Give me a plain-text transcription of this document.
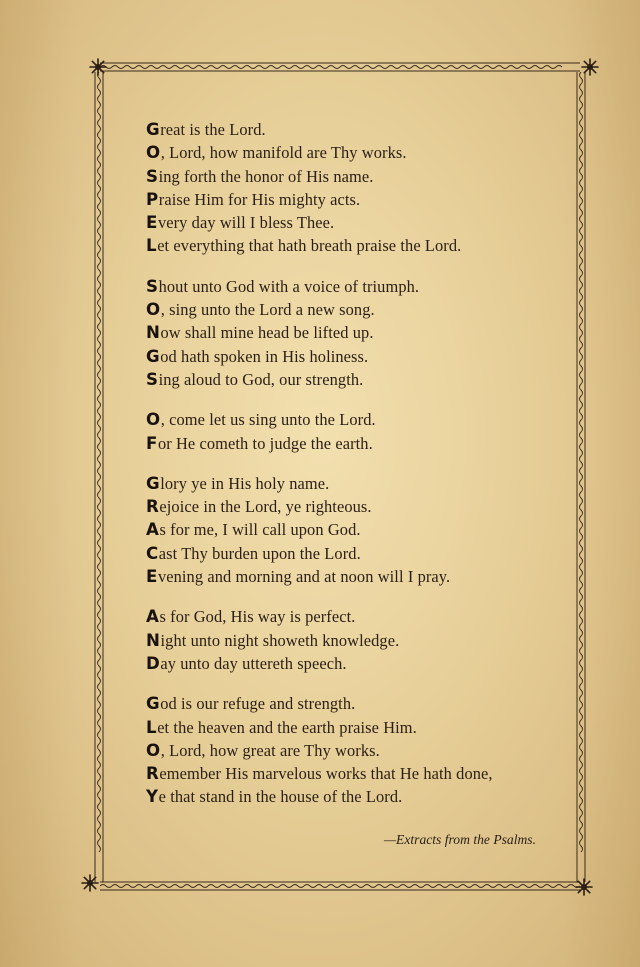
Great is the Lord.
O, Lord, how manifold are Thy works.
Sing forth the honor of His name.
Praise Him for His mighty acts.
Every day will I bless Thee.
Let everything that hath breath praise the Lord.
Shout unto God with a voice of triumph.
O, sing unto the Lord a new song.
Now shall mine head be lifted up.
God hath spoken in His holiness.
Sing aloud to God, our strength.
O, come let us sing unto the Lord.
For He cometh to judge the earth.
Glory ye in His holy name.
Rejoice in the Lord, ye righteous.
As for me, I will call upon God.
Cast Thy burden upon the Lord.
Evening and morning and at noon will I pray.
As for God, His way is perfect.
Night unto night showeth knowledge.
Day unto day uttereth speech.
God is our refuge and strength.
Let the heaven and the earth praise Him.
O, Lord, how great are Thy works.
Remember His marvelous works that He hath done,
Ye that stand in the house of the Lord.
—Extracts from the Psalms.
